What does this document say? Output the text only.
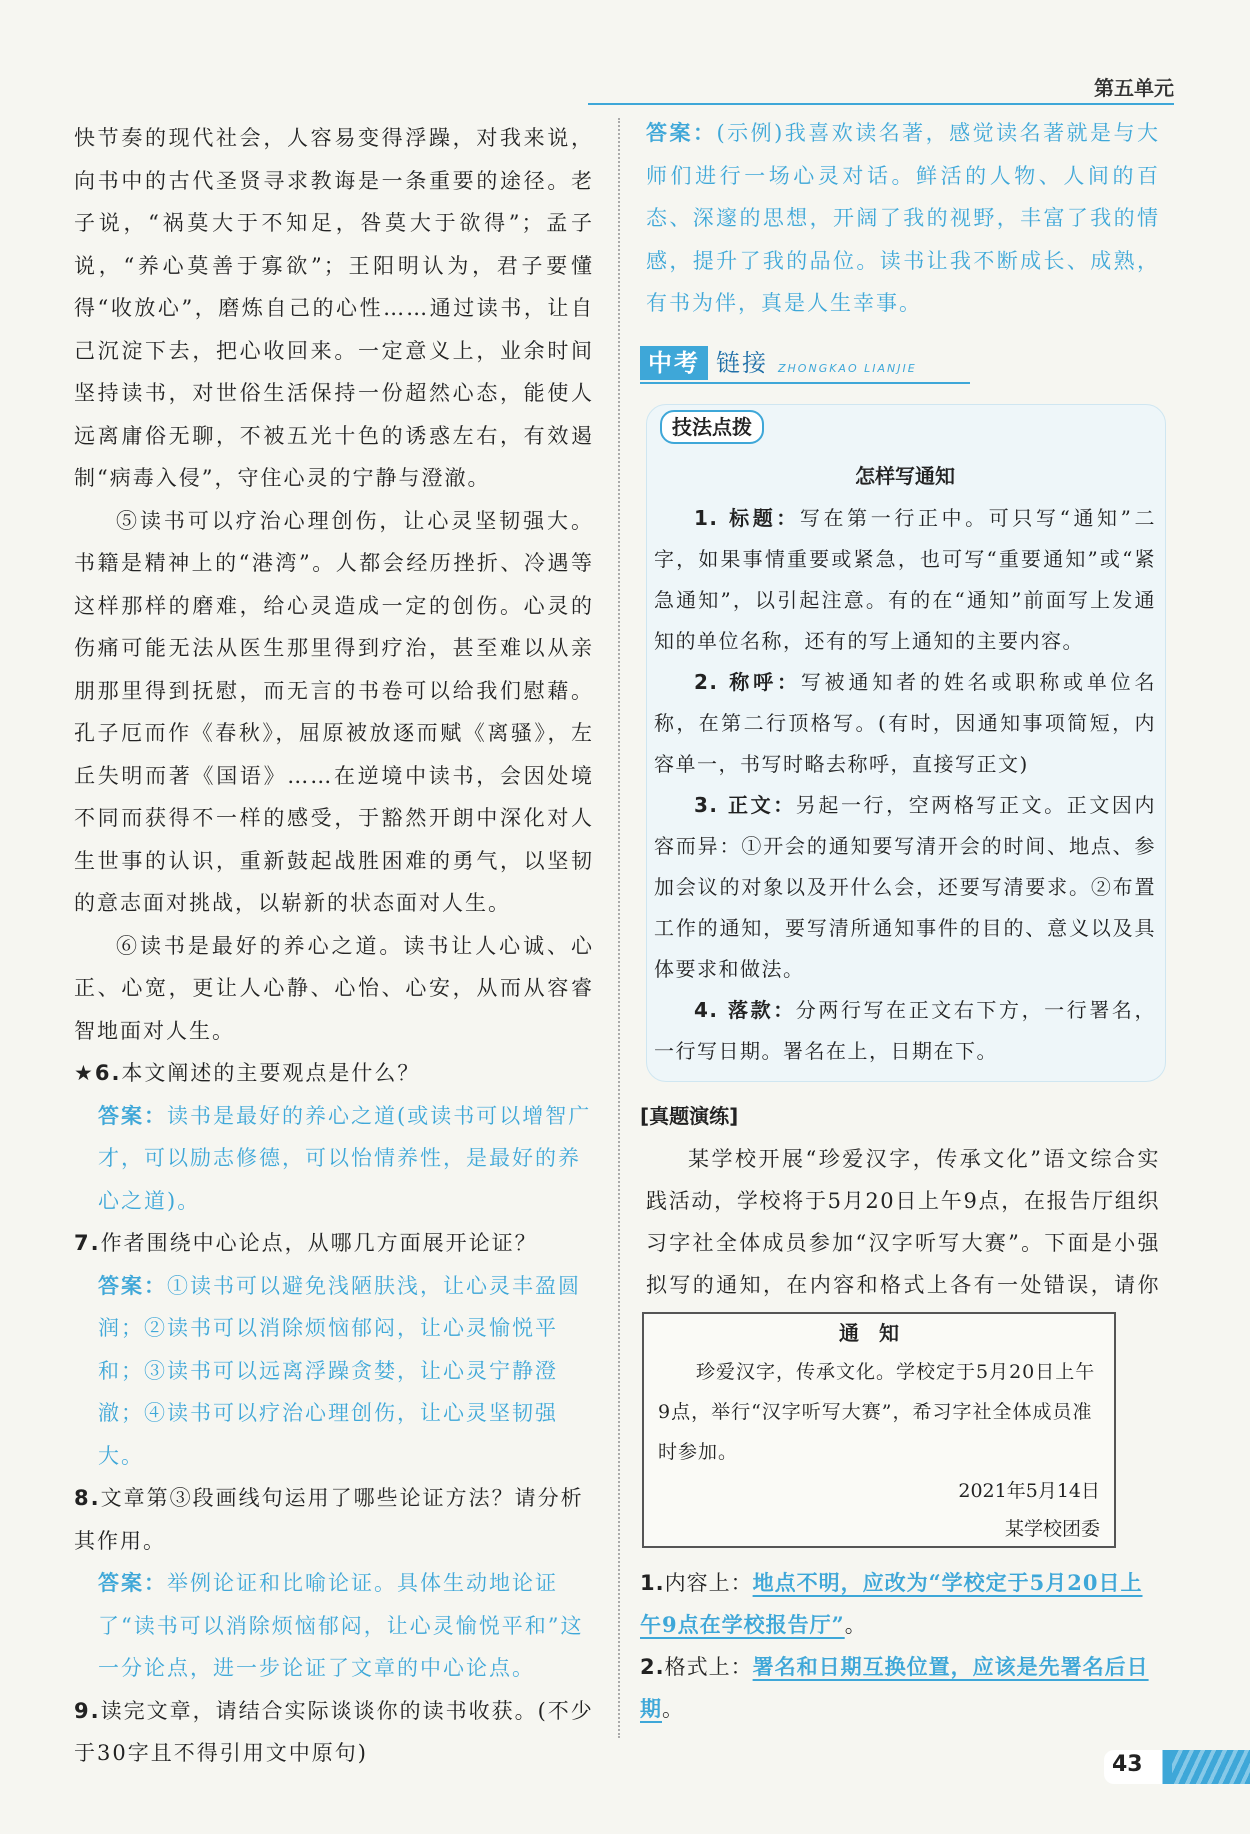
第五单元

快节奏的现代社会，人容易变得浮躁，对我来说，向书中的古代圣贤寻求教诲是一条重要的途径。老子说，“祸莫大于不知足，咎莫大于欲得”；孟子说，“养心莫善于寡欲”；王阳明认为，君子要懂得“收放心”，磨炼自己的心性……通过读书，让自己沉淀下去，把心收回来。一定意义上，业余时间坚持读书，对世俗生活保持一份超然心态，能使人远离庸俗无聊，不被五光十色的诱惑左右，有效遏制“病毒入侵”，守住心灵的宁静与澄澈。

⑤读书可以疗治心理创伤，让心灵坚韧强大。书籍是精神上的“港湾”。人都会经历挫折、冷遇等这样那样的磨难，给心灵造成一定的创伤。心灵的伤痛可能无法从医生那里得到疗治，甚至难以从亲朋那里得到抚慰，而无言的书卷可以给我们慰藉。孔子厄而作《春秋》，屈原被放逐而赋《离骚》，左丘失明而著《国语》……在逆境中读书，会因处境不同而获得不一样的感受，于豁然开朗中深化对人生世事的认识，重新鼓起战胜困难的勇气，以坚韧的意志面对挑战，以崭新的状态面对人生。

⑥读书是最好的养心之道。读书让人心诚、心正、心宽，更让人心静、心怡、心安，从而从容睿智地面对人生。

★6.本文阐述的主要观点是什么？

答案：读书是最好的养心之道(或读书可以增智广才，可以励志修德，可以怡情养性，是最好的养心之道)。

7.作者围绕中心论点，从哪几方面展开论证？

答案：①读书可以避免浅陋肤浅，让心灵丰盈圆润；②读书可以消除烦恼郁闷，让心灵愉悦平和；③读书可以远离浮躁贪婪，让心灵宁静澄澈；④读书可以疗治心理创伤，让心灵坚韧强大。

8.文章第③段画线句运用了哪些论证方法？请分析其作用。

答案：举例论证和比喻论证。具体生动地论证了“读书可以消除烦恼郁闷，让心灵愉悦平和”这一分论点，进一步论证了文章的中心论点。

9.读完文章，请结合实际谈谈你的读书收获。(不少于30字且不得引用文中原句)

答案：(示例)我喜欢读名著，感觉读名著就是与大师们进行一场心灵对话。鲜活的人物、人间的百态、深邃的思想，开阔了我的视野，丰富了我的情感，提升了我的品位。读书让我不断成长、成熟，有书为伴，真是人生幸事。

中考 链接 ZHONGKAO LIANJIE
技法点拨
怎样写通知

1. 标题：写在第一行正中。可只写“通知”二字，如果事情重要或紧急，也可写“重要通知”或“紧急通知”，以引起注意。有的在“通知”前面写上发通知的单位名称，还有的写上通知的主要内容。

2. 称呼：写被通知者的姓名或职称或单位名称，在第二行顶格写。(有时，因通知事项简短，内容单一，书写时略去称呼，直接写正文)

3. 正文：另起一行，空两格写正文。正文因内容而异：①开会的通知要写清开会的时间、地点、参加会议的对象以及开什么会，还要写清要求。②布置工作的通知，要写清所通知事件的目的、意义以及具体要求和做法。

4. 落款：分两行写在正文右下方，一行署名，一行写日期。署名在上，日期在下。

[真题演练]

某学校开展“珍爱汉字，传承文化”语文综合实践活动，学校将于5月20日上午9点，在报告厅组织习字社全体成员参加“汉字听写大赛”。下面是小强拟写的通知，在内容和格式上各有一处错误，请你

通知

珍爱汉字，传承文化。学校定于5月20日上午9点，举行“汉字听写大赛”，希习字社全体成员准时参加。

2021年5月14日

某学校团委

1.内容上：地点不明，应改为“学校定于5月20日上午9点在学校报告厅”。
2.格式上：署名和日期互换位置，应该是先署名后日期。
43
